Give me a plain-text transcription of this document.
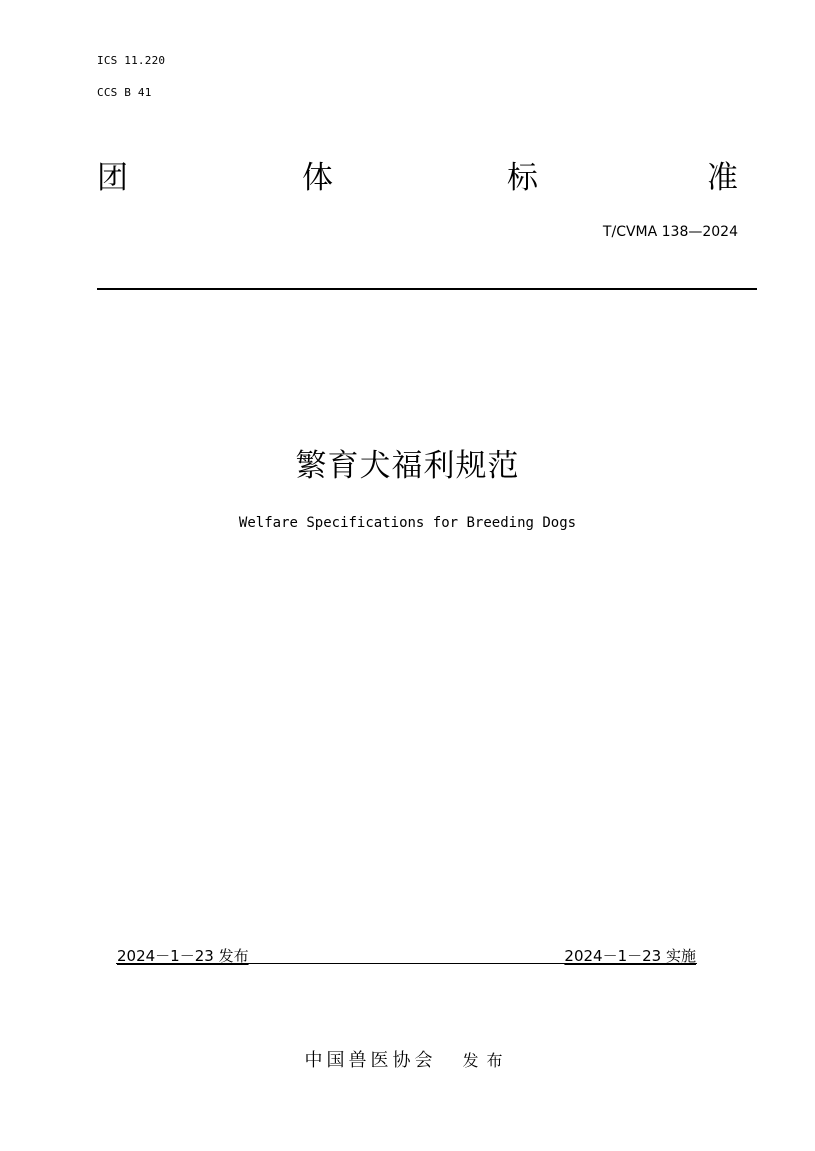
ICS 11.220
CCS B 41
团	体	标	准
T/CVMA 138—2024
繁育犬福利规范
Welfare Specifications for Breeding Dogs
2024－1－23 发布	2024－1－23 实施
中国兽医协会 发布
